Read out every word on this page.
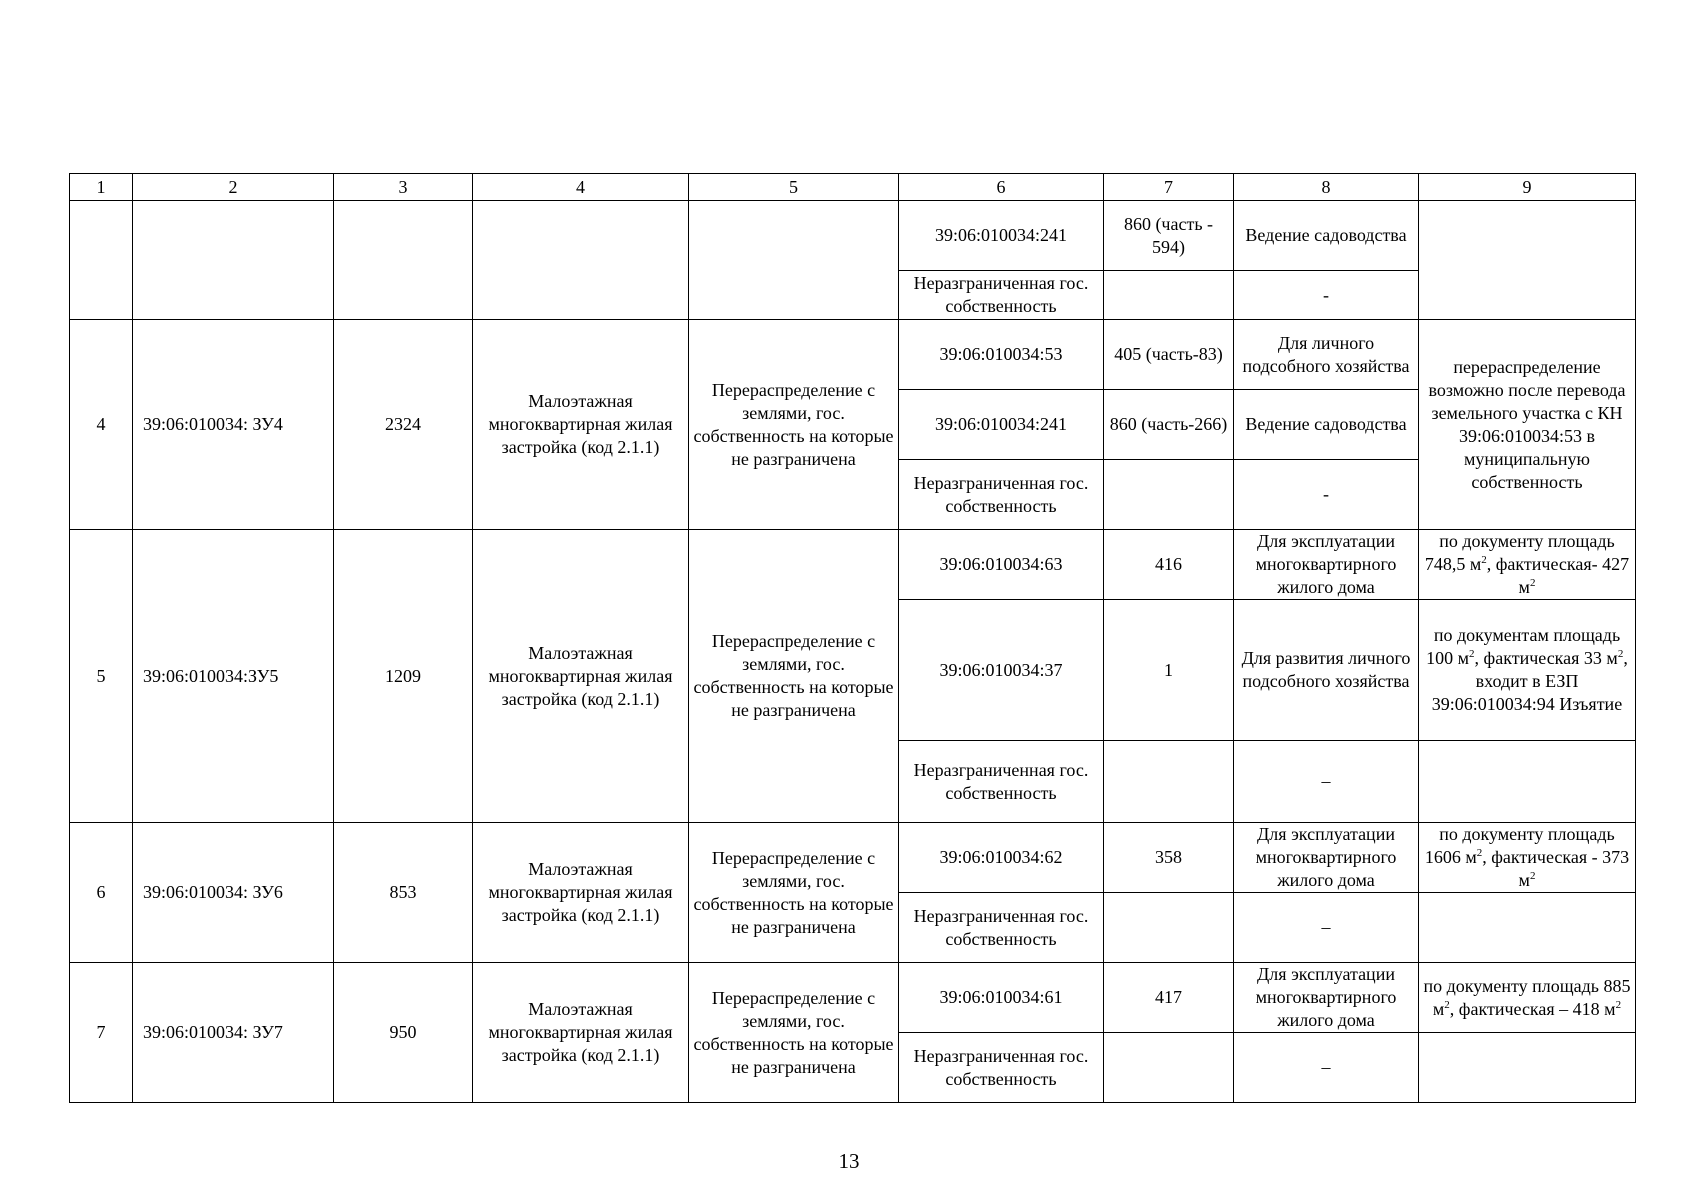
1	2	3	4	5	6	7	8	9
					39:06:010034:241	860 (часть - 594)	Ведение садоводства	
					Неразграниченная гос. собственность		-	
4	39:06:010034: ЗУ4	2324	Малоэтажная многоквартирная жилая застройка (код 2.1.1)	Перераспределение с землями, гос. собственность на которые не разграничена	39:06:010034:53	405 (часть-83)	Для личного подсобного хозяйства	перераспределение возможно после перевода земельного участка с КН 39:06:010034:53 в муниципальную собственность
					39:06:010034:241	860 (часть-266)	Ведение садоводства	
					Неразграниченная гос. собственность		-	
5	39:06:010034:ЗУ5	1209	Малоэтажная многоквартирная жилая застройка (код 2.1.1)	Перераспределение с землями, гос. собственность на которые не разграничена	39:06:010034:63	416	Для эксплуатации многоквартирного жилого дома	по документу площадь 748,5 $м^2$, фактическая- 427 $м^2$
					39:06:010034:37	1	Для развития личного подсобного хозяйства	по документам площадь 100 $м^2$, фактическая 33 $м^2$, входит в ЕЗП 39:06:010034:94 Изъятие
					Неразграниченная гос. собственность		–	
6	39:06:010034: ЗУ6	853	Малоэтажная многоквартирная жилая застройка (код 2.1.1)	Перераспределение с землями, гос. собственность на которые не разграничена	39:06:010034:62	358	Для эксплуатации многоквартирного жилого дома	по документу площадь 1606 $м^2$, фактическая - 373 $м^2$
					Неразграниченная гос. собственность		–	
7	39:06:010034: ЗУ7	950	Малоэтажная многоквартирная жилая застройка (код 2.1.1)	Перераспределение с землями, гос. собственность на которые не разграничена	39:06:010034:61	417	Для эксплуатации многоквартирного жилого дома	по документу площадь 885 $м^2$, фактическая – 418 $м^2$
					Неразграниченная гос. собственность		–	
13
